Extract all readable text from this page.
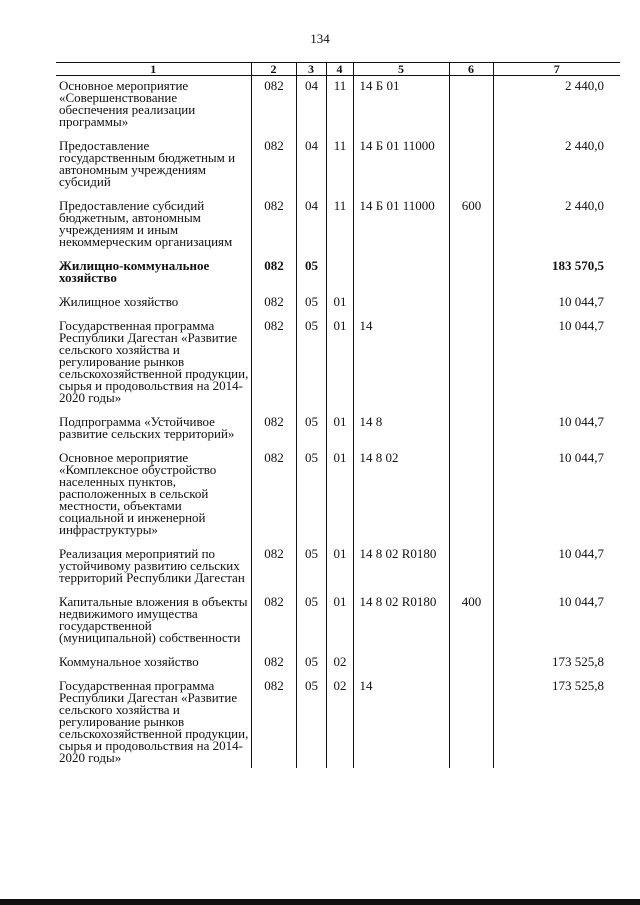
134
1	2	3	4	5	6	7
Основное мероприятие «Совершенствование обеспечения реализации программы»	082	04	11	14 Б 01		2 440,0
Предоставление государственным бюджетным и автономным учреждениям субсидий	082	04	11	14 Б 01 11000		2 440,0
Предоставление субсидий бюджетным, автономным учреждениям и иным некоммерческим организациям	082	04	11	14 Б 01 11000	600	2 440,0
Жилищно-коммунальное хозяйство	082	05				183 570,5
Жилищное хозяйство	082	05	01			10 044,7
Государственная программа Республики Дагестан «Развитие сельского хозяйства и регулирование рынков сельскохозяйственной продукции, сырья и продовольствия на 2014-2020 годы»	082	05	01	14		10 044,7
Подпрограмма «Устойчивое развитие сельских территорий»	082	05	01	14 8		10 044,7
Основное мероприятие «Комплексное обустройство населенных пунктов, расположенных в сельской местности, объектами социальной и инженерной инфраструктуры»	082	05	01	14 8 02		10 044,7
Реализация мероприятий по устойчивому развитию сельских территорий Республики Дагестан	082	05	01	14 8 02 R0180		10 044,7
Капитальные вложения в объекты недвижимого имущества государственной (муниципальной) собственности	082	05	01	14 8 02 R0180	400	10 044,7
Коммунальное хозяйство	082	05	02			173 525,8
Государственная программа Республики Дагестан «Развитие сельского хозяйства и регулирование рынков сельскохозяйственной продукции, сырья и продовольствия на 2014-2020 годы»	082	05	02	14		173 525,8
